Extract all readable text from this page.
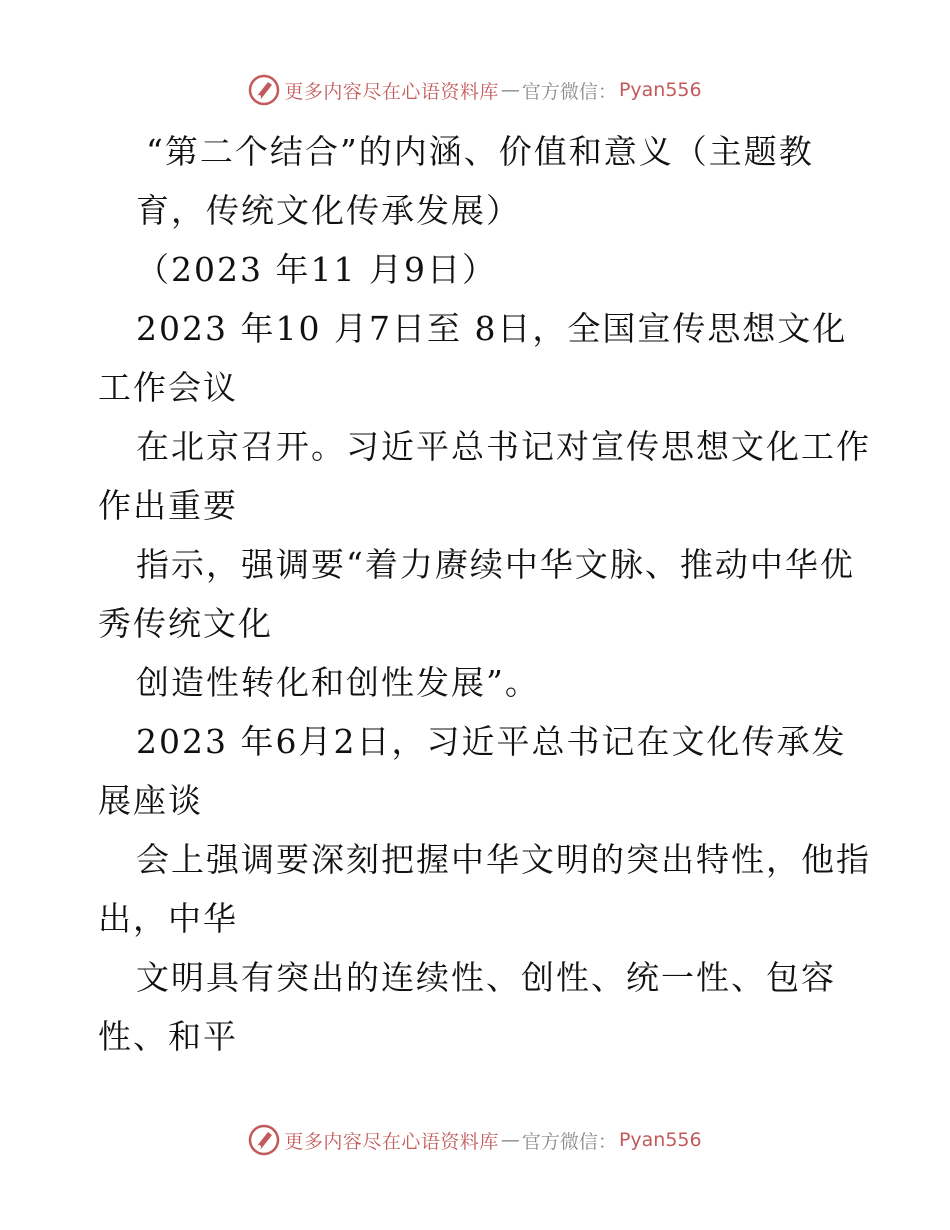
更多内容尽在心语资料库 — 官方微信： Pyan556
“第二个结合”的内涵、价值和意义（主题教
育，传统文化传承发展）
（2023 年11 月9日）
2023 年10 月7日至 8日，全国宣传思想文化
工作会议
在北京召开。习近平总书记对宣传思想文化工作
作出重要
指示，强调要“着力赓续中华文脉、推动中华优
秀传统文化
创造性转化和创性发展”。
2023 年6月2日，习近平总书记在文化传承发
展座谈
会上强调要深刻把握中华文明的突出特性，他指
出，中华
文明具有突出的连续性、创性、统一性、包容
性、和平
更多内容尽在心语资料库 — 官方微信： Pyan556
